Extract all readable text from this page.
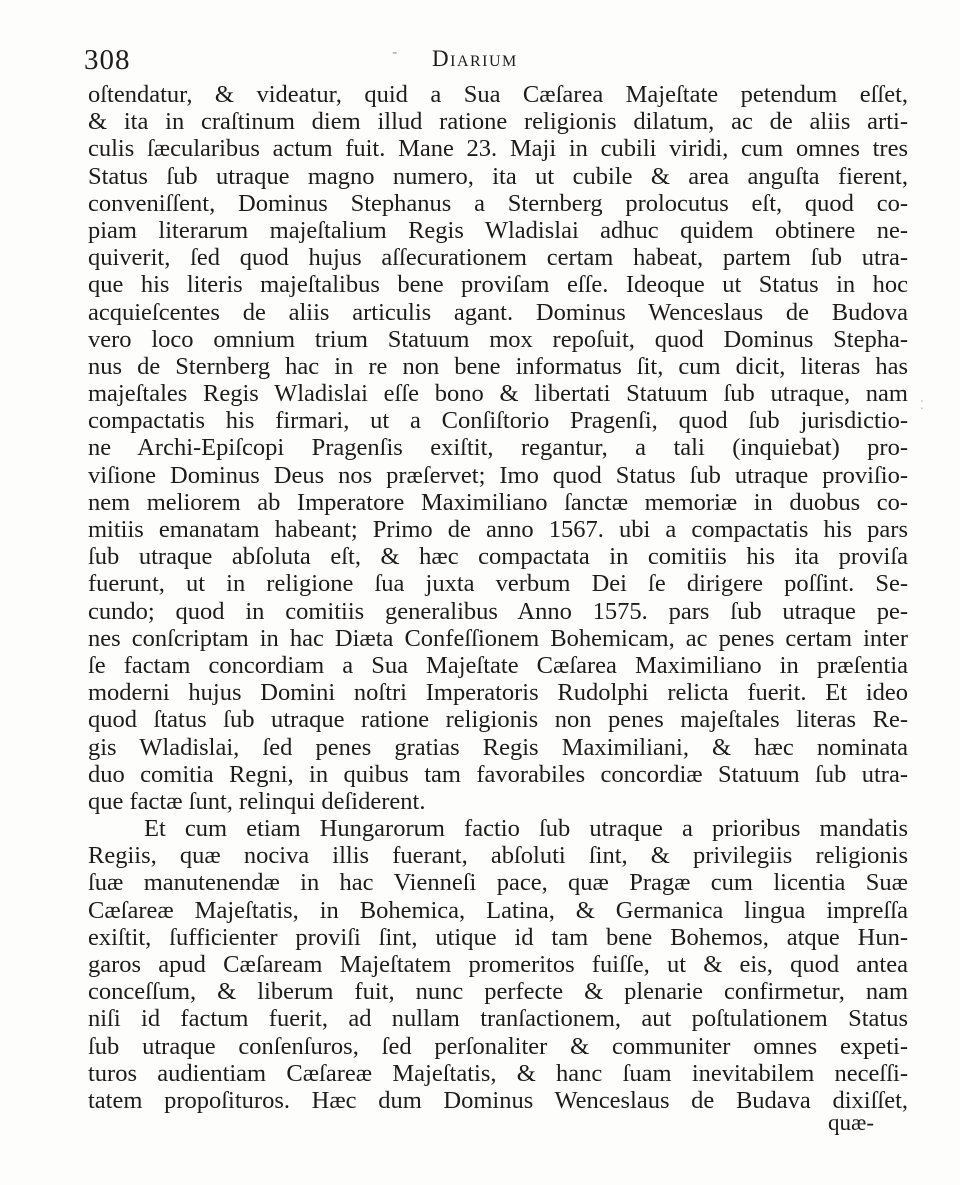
308	‐ Diarium
oſtendatur, & videatur, quid a Sua Cæſarea Majeſtate petendum eſſet,
& ita in craſtinum diem illud ratione religionis dilatum, ac de aliis arti-
culis ſæcularibus actum fuit. Mane 23. Maji in cubili viridi, cum omnes tres
Status ſub utraque magno numero, ita ut cubile & area anguſta fierent,
conveniſſent, Dominus Stephanus a Sternberg prolocutus eſt, quod co-
piam literarum majeſtalium Regis Wladislai adhuc quidem obtinere ne-
quiverit, ſed quod hujus aſſecurationem certam habeat, partem ſub utra-
que his literis majeſtalibus bene proviſam eſſe. Ideoque ut Status in hoc
acquieſcentes de aliis articulis agant. Dominus Wenceslaus de Budova
vero loco omnium trium Statuum mox repoſuit, quod Dominus Stepha-
nus de Sternberg hac in re non bene informatus ſit, cum dicit, literas has
majeſtales Regis Wladislai eſſe bono & libertati Statuum ſub utraque, nam
compactatis his firmari, ut a Conſiſtorio Pragenſi, quod ſub jurisdictio-
ne Archi-Epiſcopi Pragenſis exiſtit, regantur, a tali (inquiebat) pro-
viſione Dominus Deus nos præſervet; Imo quod Status ſub utraque proviſio-
nem meliorem ab Imperatore Maximiliano ſanctæ memoriæ in duobus co-
mitiis emanatam habeant; Primo de anno 1567. ubi a compactatis his pars
ſub utraque abſoluta eſt, & hæc compactata in comitiis his ita proviſa
fuerunt, ut in religione ſua juxta verbum Dei ſe dirigere poſſint. Se-
cundo; quod in comitiis generalibus Anno 1575. pars ſub utraque pe-
nes conſcriptam in hac Diæta Confeſſionem Bohemicam, ac penes certam inter
ſe factam concordiam a Sua Majeſtate Cæſarea Maximiliano in præſentia
moderni hujus Domini noſtri Imperatoris Rudolphi relicta fuerit. Et ideo
quod ſtatus ſub utraque ratione religionis non penes majeſtales literas Re-
gis Wladislai, ſed penes gratias Regis Maximiliani, & hæc nominata
duo comitia Regni, in quibus tam favorabiles concordiæ Statuum ſub utra-
que factæ ſunt, relinqui deſiderent.
Et cum etiam Hungarorum factio ſub utraque a prioribus mandatis
Regiis, quæ nociva illis fuerant, abſoluti ſint, & privilegiis religionis
ſuæ manutenendæ in hac Vienneſi pace, quæ Pragæ cum licentia Suæ
Cæſareæ Majeſtatis, in Bohemica, Latina, & Germanica lingua impreſſa
exiſtit, ſufficienter proviſi ſint, utique id tam bene Bohemos, atque Hun-
garos apud Cæſaream Majeſtatem promeritos fuiſſe, ut & eis, quod antea
conceſſum, & liberum fuit, nunc perfecte & plenarie confirmetur, nam
niſi id factum fuerit, ad nullam tranſactionem, aut poſtulationem Status
ſub utraque conſenſuros, ſed perſonaliter & communiter omnes expeti-
turos audientiam Cæſareæ Majeſtatis, & hanc ſuam inevitabilem neceſſi-
tatem propoſituros. Hæc dum Dominus Wenceslaus de Budava dixiſſet,
⁚
quæ-
